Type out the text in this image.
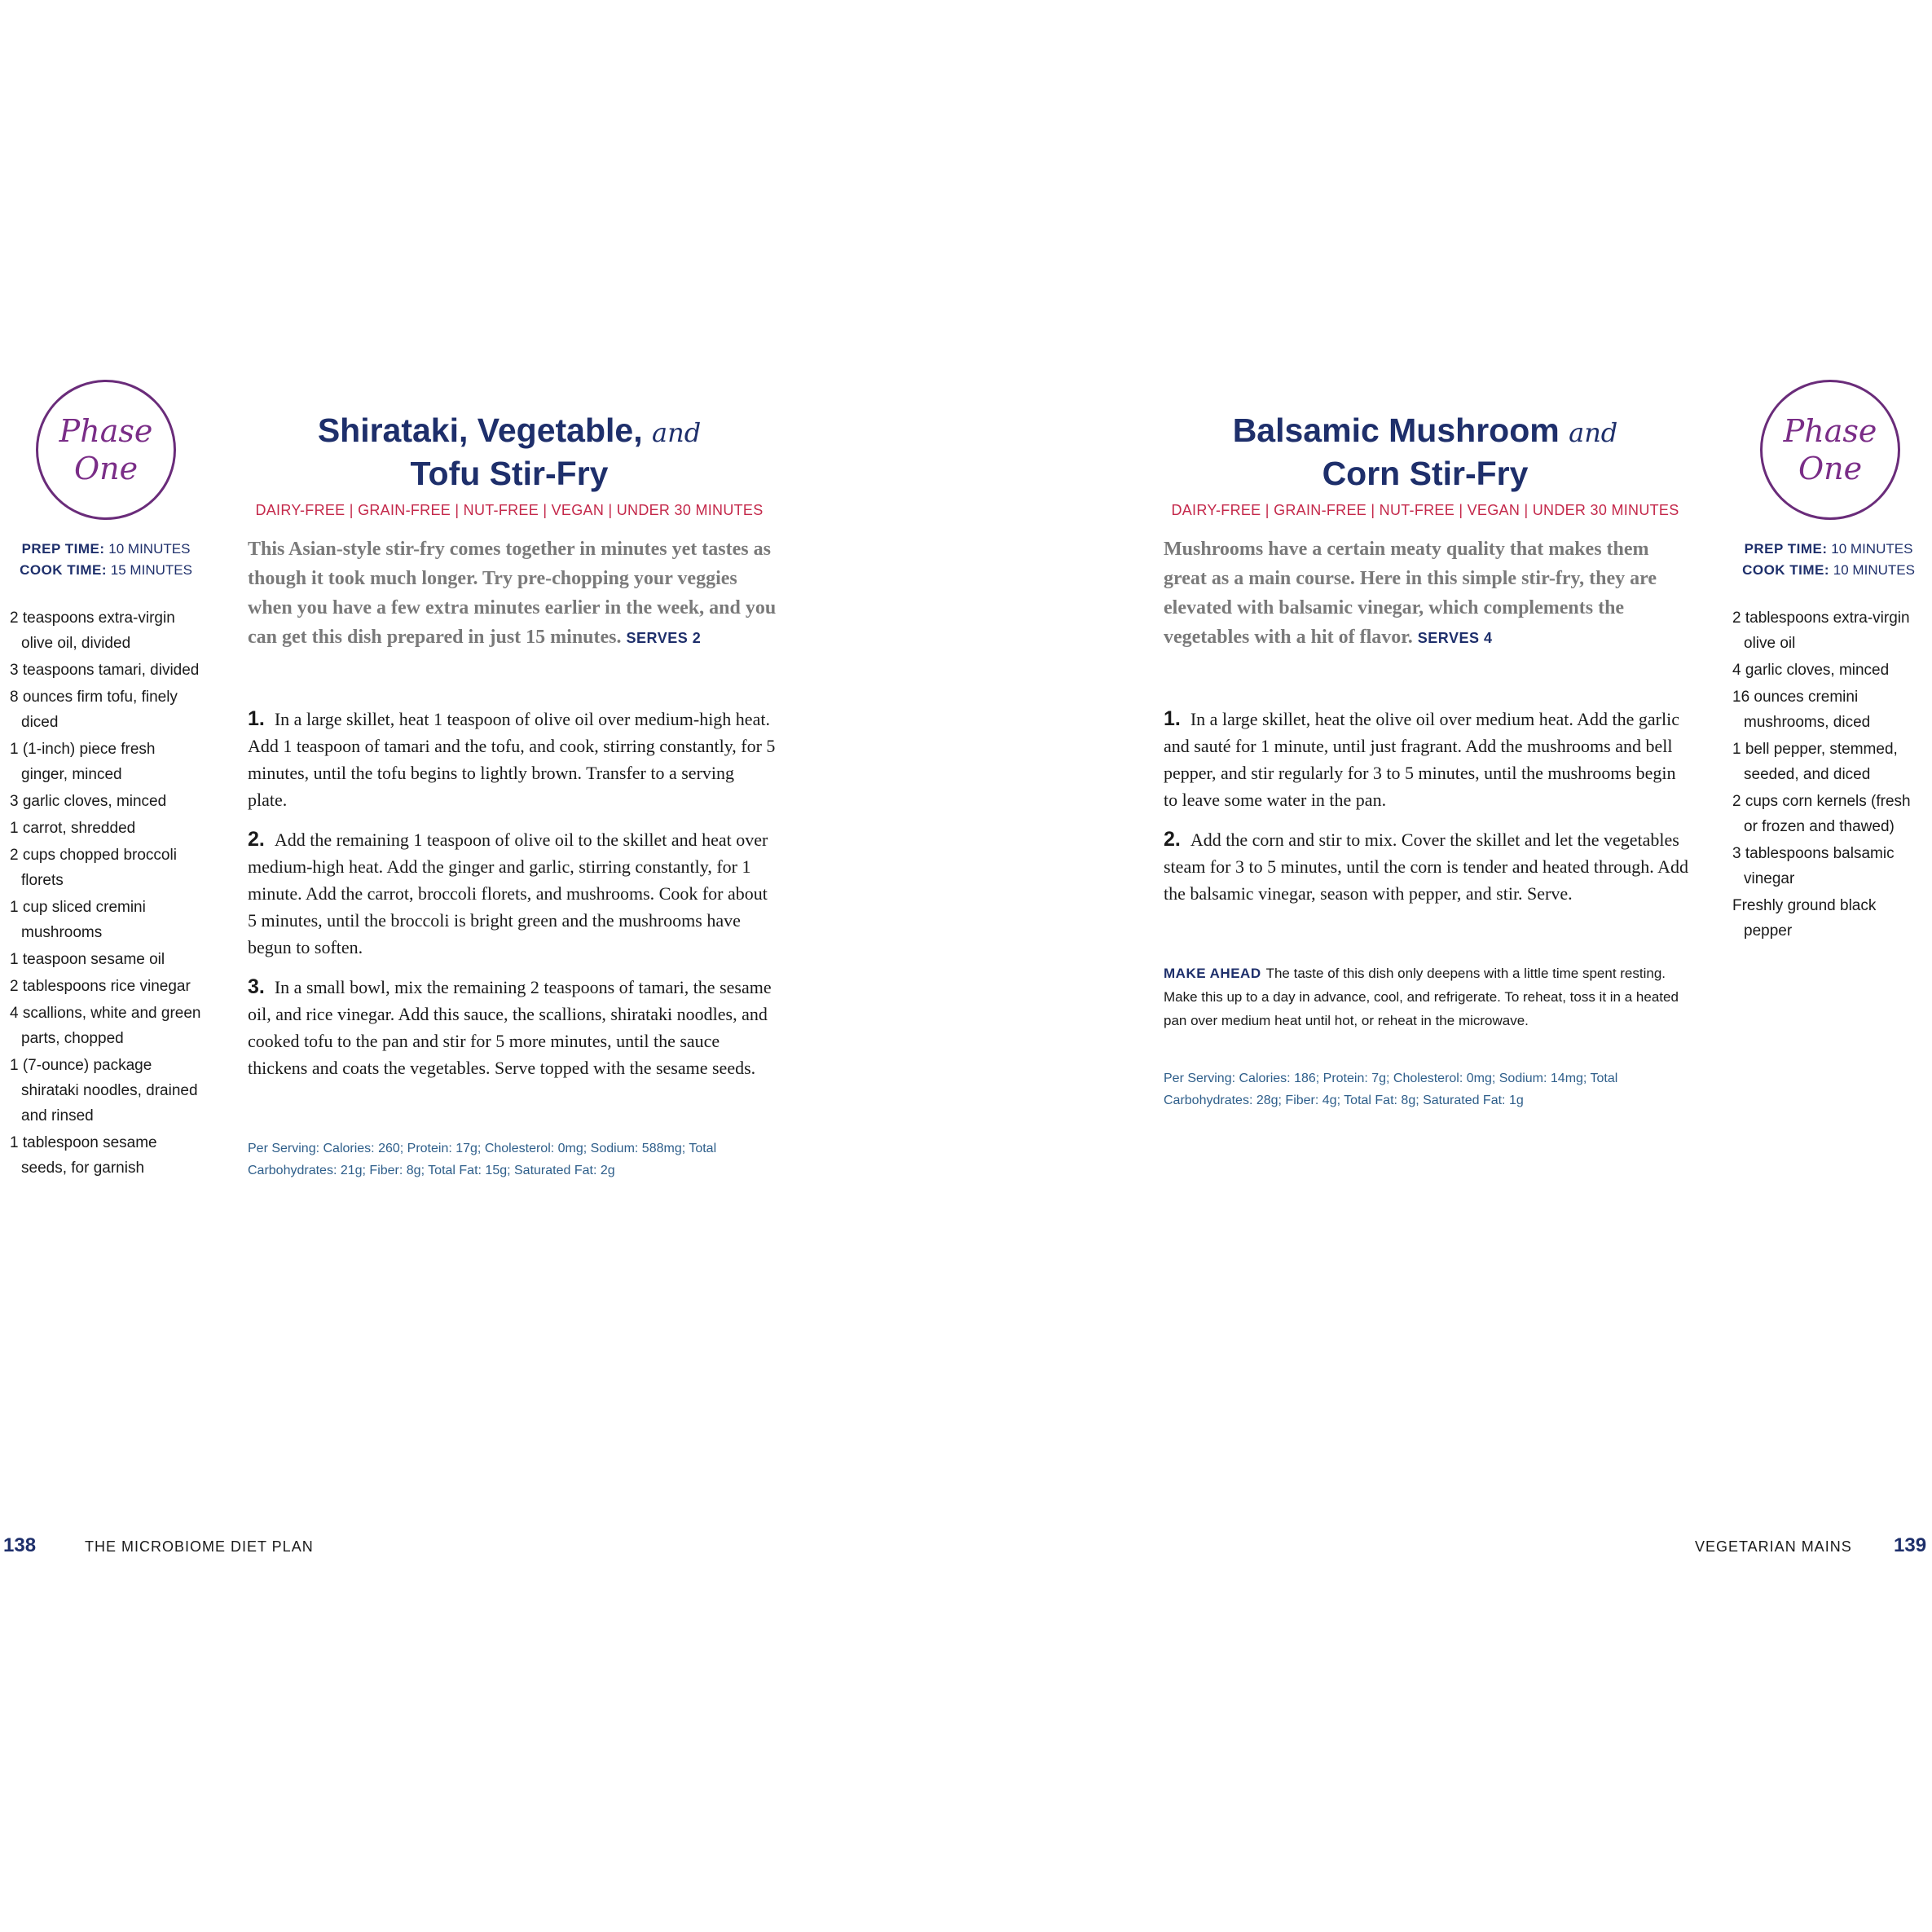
Phase
One
PREP TIME: 10 MINUTES
COOK TIME: 15 MINUTES
2 teaspoons extra-virgin olive oil, divided
3 teaspoons tamari, divided
8 ounces firm tofu, finely diced
1 (1-inch) piece fresh ginger, minced
3 garlic cloves, minced
1 carrot, shredded
2 cups chopped broccoli florets
1 cup sliced cremini mushrooms
1 teaspoon sesame oil
2 tablespoons rice vinegar
4 scallions, white and green parts, chopped
1 (7-ounce) package shirataki noodles, drained and rinsed
1 tablespoon sesame seeds, for garnish
Shirataki, Vegetable, and
Tofu Stir-Fry
DAIRY-FREE | GRAIN-FREE | NUT-FREE | VEGAN | UNDER 30 MINUTES
This Asian-style stir-fry comes together in minutes yet tastes as though it took much longer. Try pre-chopping your veggies when you have a few extra minutes earlier in the week, and you can get this dish prepared in just 15 minutes. SERVES 2

1. In a large skillet, heat 1 teaspoon of olive oil over medium-high heat. Add 1 teaspoon of tamari and the tofu, and cook, stirring constantly, for 5 minutes, until the tofu begins to lightly brown. Transfer to a serving plate.

2. Add the remaining 1 teaspoon of olive oil to the skillet and heat over medium-high heat. Add the ginger and garlic, stirring constantly, for 1 minute. Add the carrot, broccoli florets, and mushrooms. Cook for about 5 minutes, until the broccoli is bright green and the mushrooms have begun to soften.

3. In a small bowl, mix the remaining 2 teaspoons of tamari, the sesame oil, and rice vinegar. Add this sauce, the scallions, shirataki noodles, and cooked tofu to the pan and stir for 5 more minutes, until the sauce thickens and coats the vegetables. Serve topped with the sesame seeds.

Per Serving: Calories: 260; Protein: 17g; Cholesterol: 0mg; Sodium: 588mg; Total Carbohydrates: 21g; Fiber: 8g; Total Fat: 15g; Saturated Fat: 2g
138	THE MICROBIOME DIET PLAN
Balsamic Mushroom and
Corn Stir-Fry
DAIRY-FREE | GRAIN-FREE | NUT-FREE | VEGAN | UNDER 30 MINUTES
Mushrooms have a certain meaty quality that makes them great as a main course. Here in this simple stir-fry, they are elevated with balsamic vinegar, which complements the vegetables with a hit of flavor. SERVES 4

1. In a large skillet, heat the olive oil over medium heat. Add the garlic and sauté for 1 minute, until just fragrant. Add the mushrooms and bell pepper, and stir regularly for 3 to 5 minutes, until the mushrooms begin to leave some water in the pan.

2. Add the corn and stir to mix. Cover the skillet and let the vegetables steam for 3 to 5 minutes, until the corn is tender and heated through. Add the balsamic vinegar, season with pepper, and stir. Serve.

MAKE AHEAD The taste of this dish only deepens with a little time spent resting. Make this up to a day in advance, cool, and refrigerate. To reheat, toss it in a heated pan over medium heat until hot, or reheat in the microwave.
Per Serving: Calories: 186; Protein: 7g; Cholesterol: 0mg; Sodium: 14mg; Total Carbohydrates: 28g; Fiber: 4g; Total Fat: 8g; Saturated Fat: 1g
Phase
One
PREP TIME: 10 MINUTES
COOK TIME: 10 MINUTES
2 tablespoons extra-virgin olive oil
4 garlic cloves, minced
16 ounces cremini mushrooms, diced
1 bell pepper, stemmed, seeded, and diced
2 cups corn kernels (fresh or frozen and thawed)
3 tablespoons balsamic vinegar
Freshly ground black pepper
VEGETARIAN MAINS 139
